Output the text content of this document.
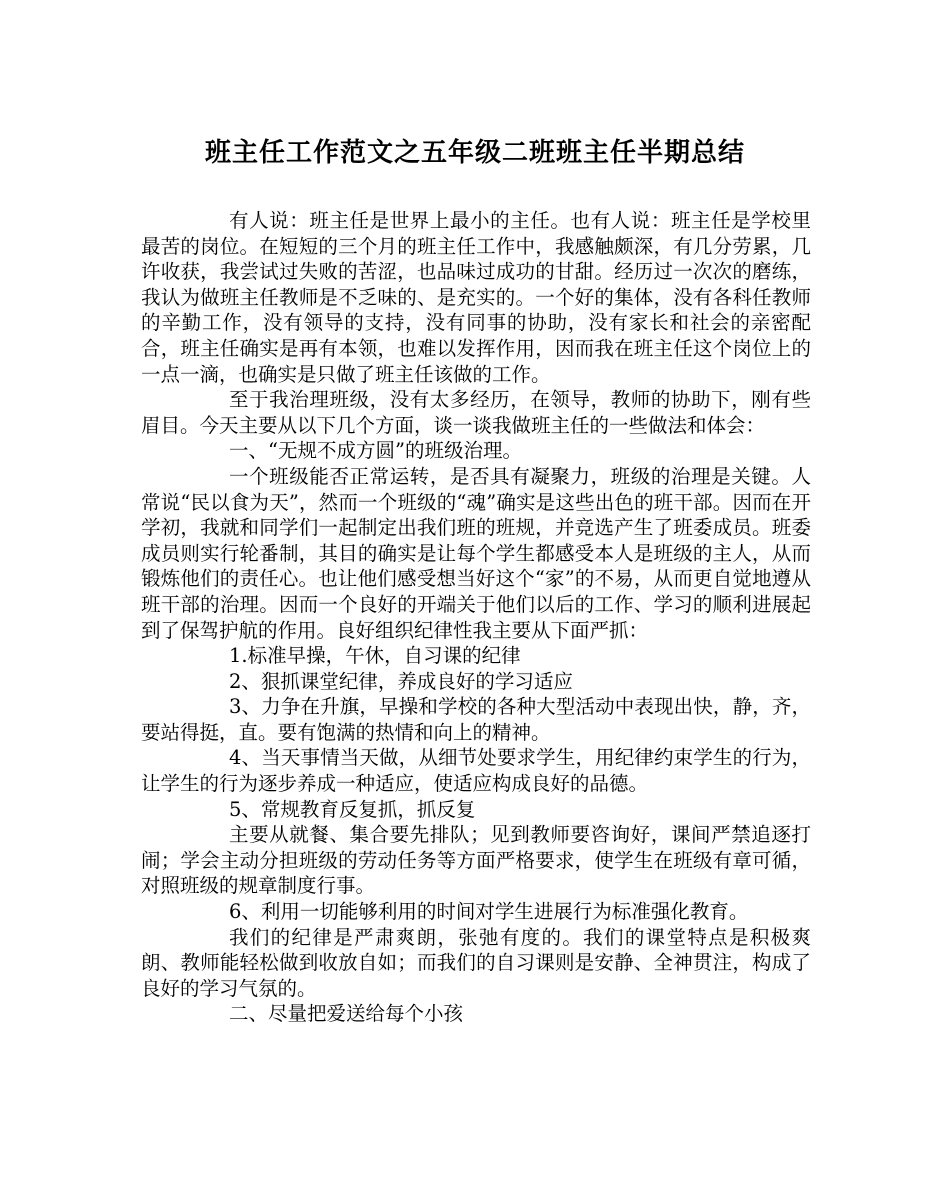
班主任工作范文之五年级二班班主任半期总结

有人说：班主任是世界上最小的主任。也有人说：班主任是学校里最苦的岗位。在短短的三个月的班主任工作中，我感触颇深，有几分劳累，几许收获，我尝试过失败的苦涩，也品味过成功的甘甜。经历过一次次的磨练，我认为做班主任教师是不乏味的、是充实的。一个好的集体，没有各科任教师的辛勤工作，没有领导的支持，没有同事的协助，没有家长和社会的亲密配合，班主任确实是再有本领，也难以发挥作用，因而我在班主任这个岗位上的一点一滴，也确实是只做了班主任该做的工作。

至于我治理班级，没有太多经历，在领导，教师的协助下，刚有些眉目。今天主要从以下几个方面，谈一谈我做班主任的一些做法和体会：

一、“无规不成方圆”的班级治理。

一个班级能否正常运转，是否具有凝聚力，班级的治理是关键。人常说“民以食为天”，然而一个班级的“魂”确实是这些出色的班干部。因而在开学初，我就和同学们一起制定出我们班的班规，并竞选产生了班委成员。班委成员则实行轮番制，其目的确实是让每个学生都感受本人是班级的主人，从而锻炼他们的责任心。也让他们感受想当好这个“家”的不易，从而更自觉地遵从班干部的治理。因而一个良好的开端关于他们以后的工作、学习的顺利进展起到了保驾护航的作用。良好组织纪律性我主要从下面严抓：

1.标准早操，午休，自习课的纪律

2、狠抓课堂纪律，养成良好的学习适应

3、力争在升旗，早操和学校的各种大型活动中表现出快，静，齐，要站得挺，直。要有饱满的热情和向上的精神。

4、当天事情当天做，从细节处要求学生，用纪律约束学生的行为，让学生的行为逐步养成一种适应，使适应构成良好的品德。

5、常规教育反复抓，抓反复

主要从就餐、集合要先排队；见到教师要咨询好，课间严禁追逐打闹；学会主动分担班级的劳动任务等方面严格要求，使学生在班级有章可循，对照班级的规章制度行事。

6、利用一切能够利用的时间对学生进展行为标准强化教育。

我们的纪律是严肃爽朗，张弛有度的。我们的课堂特点是积极爽朗、教师能轻松做到收放自如；而我们的自习课则是安静、全神贯注，构成了良好的学习气氛的。

二、尽量把爱送给每个小孩
